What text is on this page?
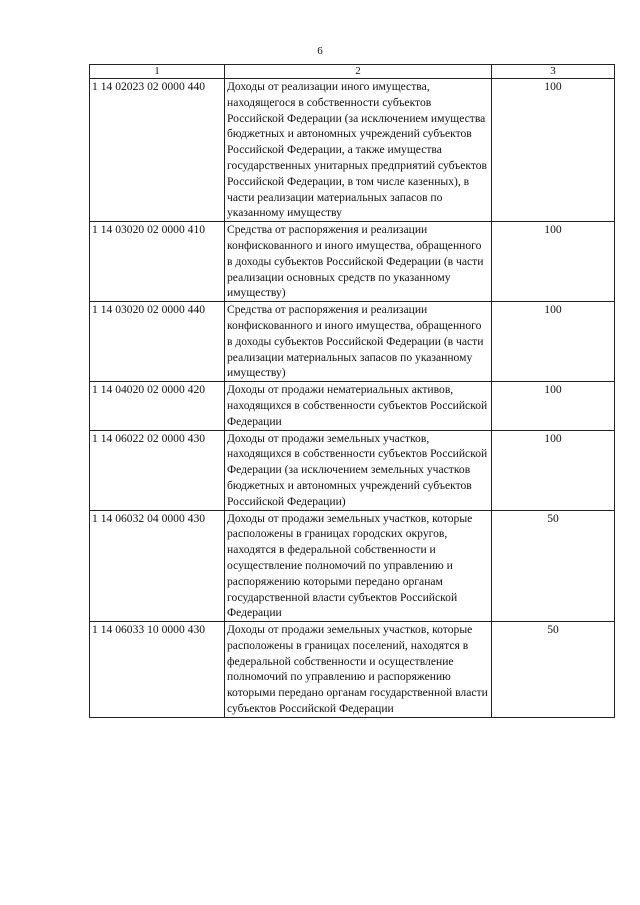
6
1	2	3
1 14 02023 02 0000 440	Доходы от реализации иного имущества, находящегося в собственности субъектов Российской Федерации (за исключением имущества бюджетных и автономных учреждений субъектов Российской Федерации, а также имущества государственных унитарных предприятий субъектов Российской Федерации, в том числе казенных), в части реализации материальных запасов по указанному имуществу	100
1 14 03020 02 0000 410	Средства от распоряжения и реализации конфискованного и иного имущества, обращенного в доходы субъектов Российской Федерации (в части реализации основных средств по указанному имуществу)	100
1 14 03020 02 0000 440	Средства от распоряжения и реализации конфискованного и иного имущества, обращенного в доходы субъектов Российской Федерации (в части реализации материальных запасов по указанному имуществу)	100
1 14 04020 02 0000 420	Доходы от продажи нематериальных активов, находящихся в собственности субъектов Российской Федерации	100
1 14 06022 02 0000 430	Доходы от продажи земельных участков, находящихся в собственности субъектов Российской Федерации (за исключением земельных участков бюджетных и автономных учреждений субъектов Российской Федерации)	100
1 14 06032 04 0000 430	Доходы от продажи земельных участков, которые расположены в границах городских округов, находятся в федеральной собственности и осуществление полномочий по управлению и распоряжению которыми передано органам государственной власти субъектов Российской Федерации	50
1 14 06033 10 0000 430	Доходы от продажи земельных участков, которые расположены в границах поселений, находятся в федеральной собственности и осуществление полномочий по управлению и распоряжению которыми передано органам государственной власти субъектов Российской Федерации	50
